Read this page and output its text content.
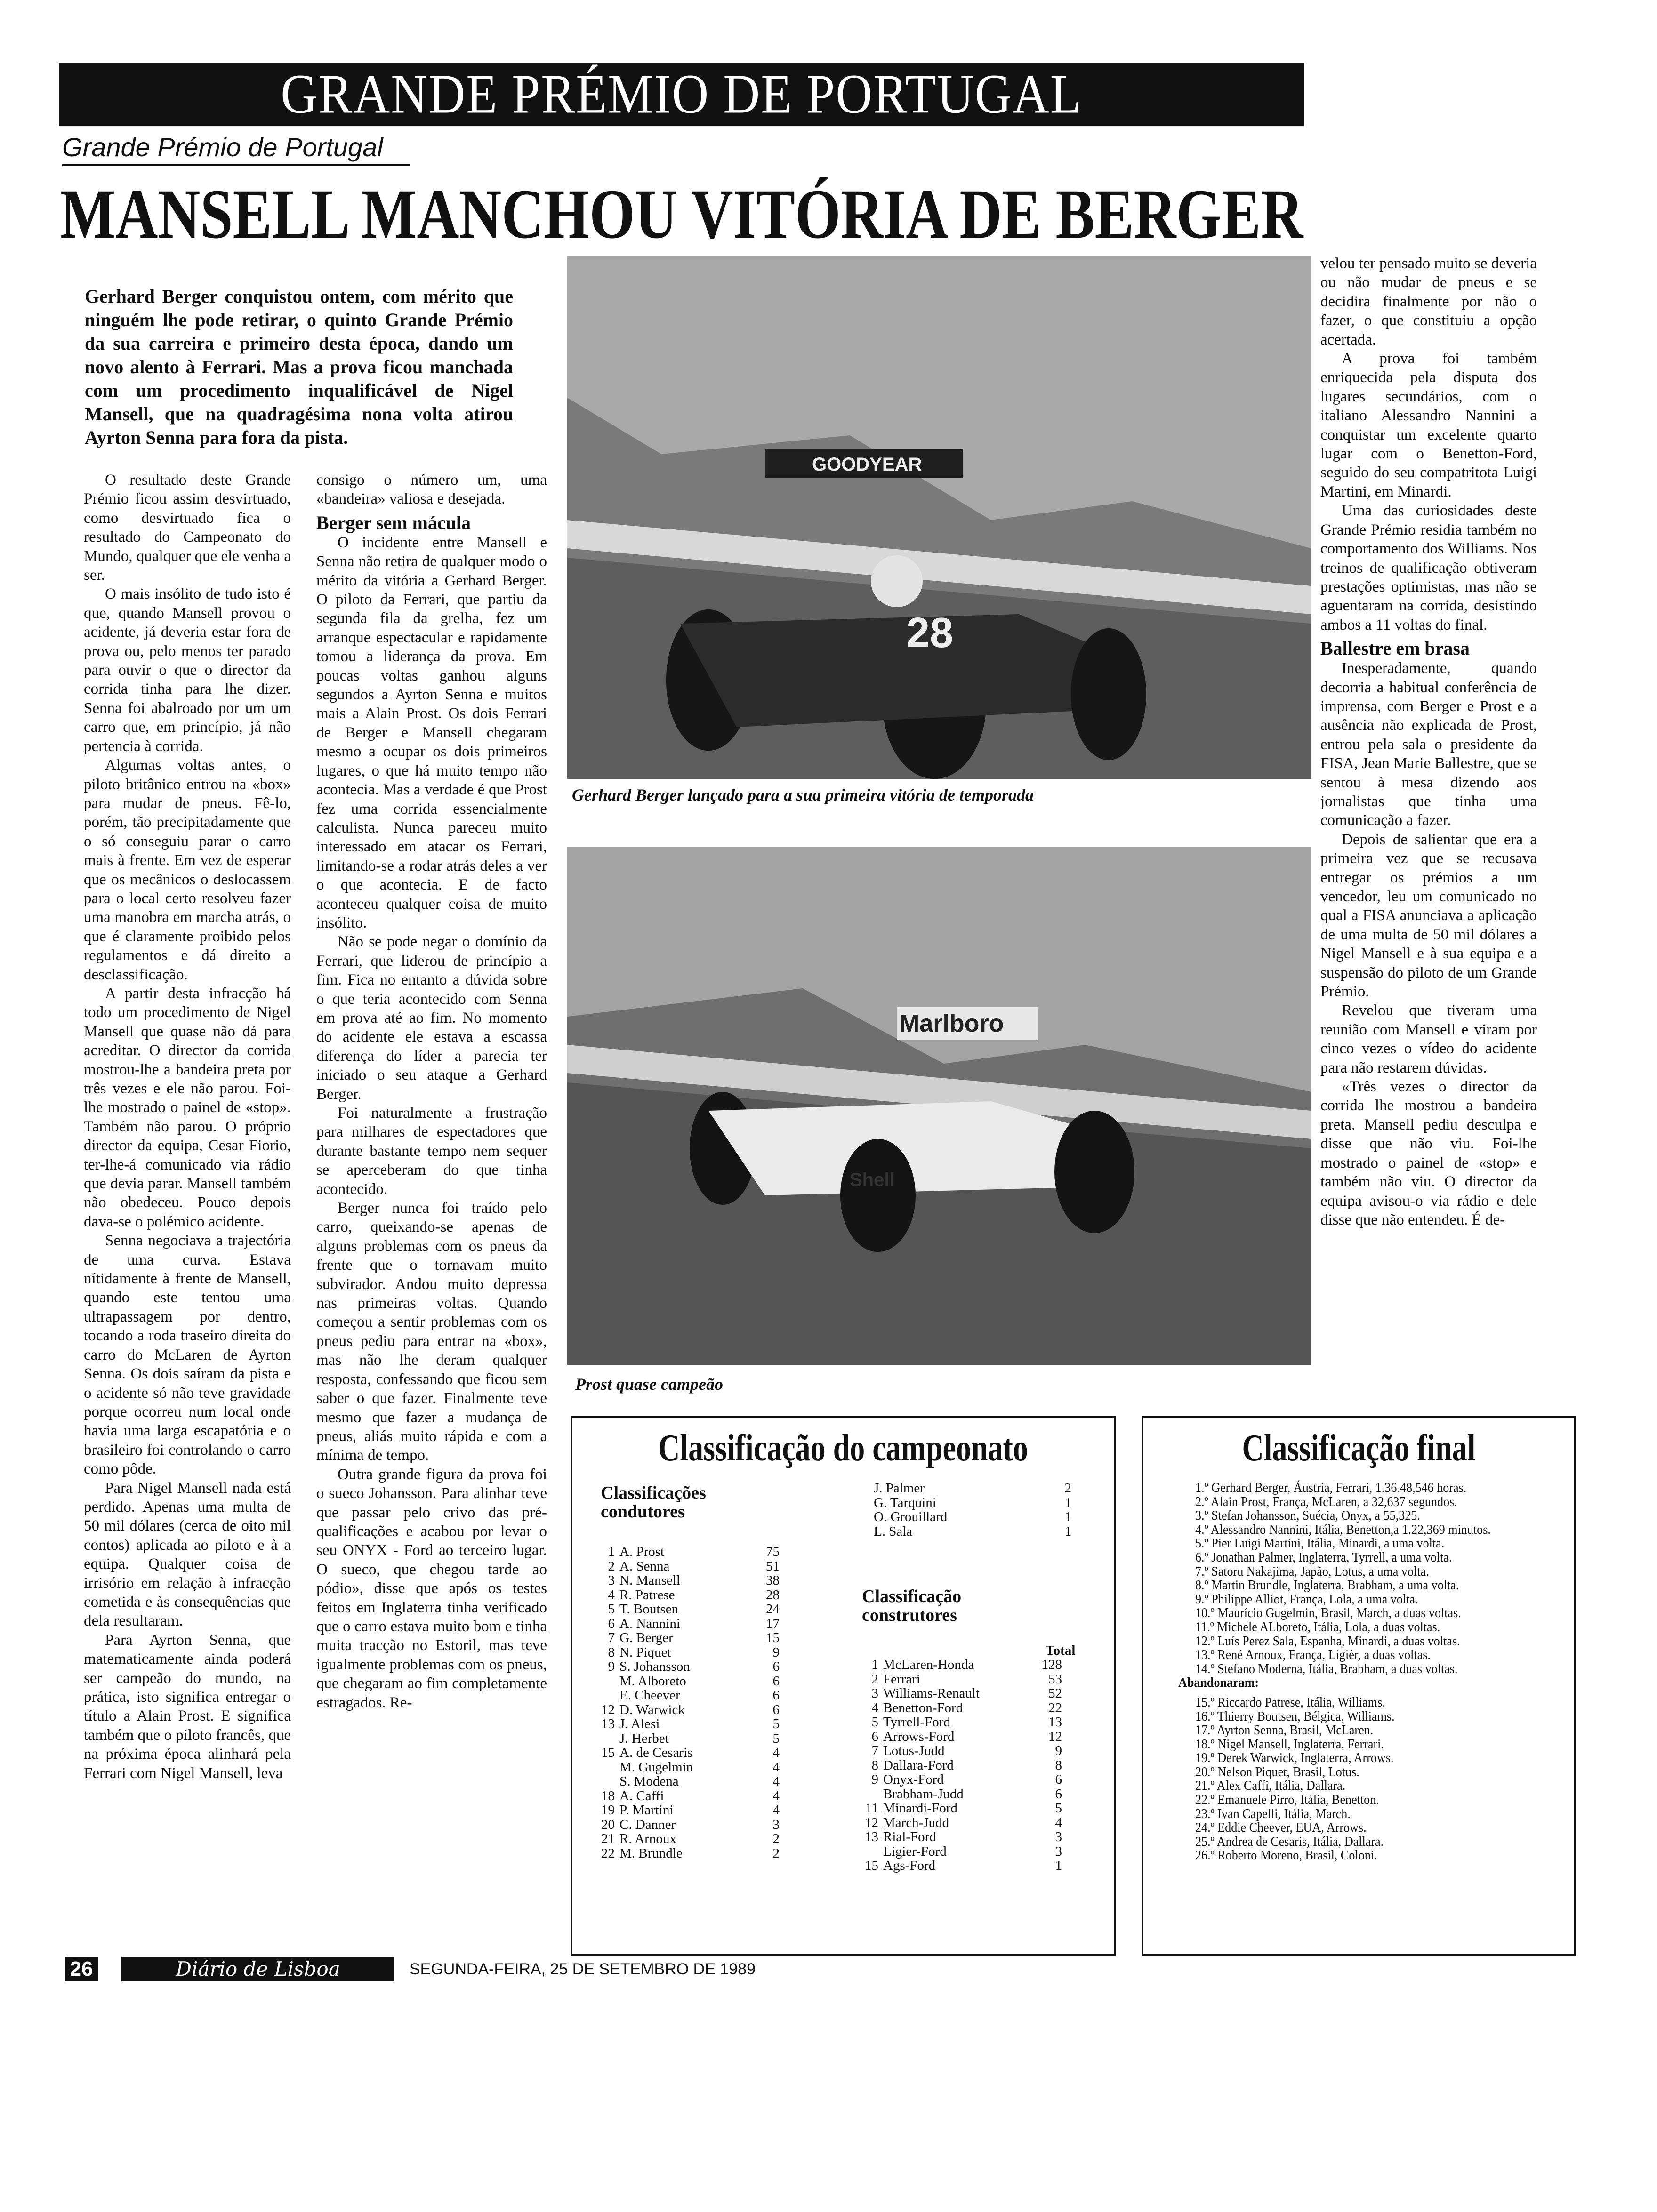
GRANDE PRÉMIO DE PORTUGAL
Grande Prémio de Portugal
MANSELL MANCHOU VITÓRIA DE BERGER
Gerhard Berger conquistou ontem, com mérito que ninguém lhe pode retirar, o quinto Grande Prémio da sua carreira e primeiro desta época, dando um novo alento à Ferrari. Mas a prova ficou manchada com um procedimento inqualificável de Nigel Mansell, que na quadragésima nona volta atirou Ayrton Senna para fora da pista.

O resultado deste Grande Prémio ficou assim desvirtuado, como desvirtuado fica o resultado do Campeonato do Mundo, qualquer que ele venha a ser.

O mais insólito de tudo isto é que, quando Mansell provou o acidente, já deveria estar fora de prova ou, pelo menos ter parado para ouvir o que o director da corrida tinha para lhe dizer. Senna foi abalroado por um um carro que, em princípio, já não pertencia à corrida.

Algumas voltas antes, o piloto britânico entrou na «box» para mudar de pneus. Fê-lo, porém, tão precipitadamente que o só conseguiu parar o carro mais à frente. Em vez de esperar que os mecânicos o deslocassem para o local certo resolveu fazer uma manobra em marcha atrás, o que é claramente proibido pelos regulamentos e dá direito a desclassificação.

A partir desta infracção há todo um procedimento de Nigel Mansell que quase não dá para acreditar. O director da corrida mostrou-lhe a bandeira preta por três vezes e ele não parou. Foi-lhe mostrado o painel de «stop». Também não parou. O próprio director da equipa, Cesar Fiorio, ter-lhe-á comunicado via rádio que devia parar. Mansell também não obedeceu. Pouco depois dava-se o polémico acidente.

Senna negociava a trajectória de uma curva. Estava nítidamente à frente de Mansell, quando este tentou uma ultrapassagem por dentro, tocando a roda traseiro direita do carro do McLaren de Ayrton Senna. Os dois saíram da pista e o acidente só não teve gravidade porque ocorreu num local onde havia uma larga escapatória e o brasileiro foi controlando o carro como pôde.

Para Nigel Mansell nada está perdido. Apenas uma multa de 50 mil dólares (cerca de oito mil contos) aplicada ao piloto e à a equipa. Qualquer coisa de irrisório em relação à infracção cometida e às consequências que dela resultaram.

Para Ayrton Senna, que matematicamente ainda poderá ser campeão do mundo, na prática, isto significa entregar o título a Alain Prost. E significa também que o piloto francês, que na próxima época alinhará pela Ferrari com Nigel Mansell, leva

consigo o número um, uma «bandeira» valiosa e desejada.

Berger sem mácula

O incidente entre Mansell e Senna não retira de qualquer modo o mérito da vitória a Gerhard Berger. O piloto da Ferrari, que partiu da segunda fila da grelha, fez um arranque espectacular e rapidamente tomou a liderança da prova. Em poucas voltas ganhou alguns segundos a Ayrton Senna e muitos mais a Alain Prost. Os dois Ferrari de Berger e Mansell chegaram mesmo a ocupar os dois primeiros lugares, o que há muito tempo não acontecia. Mas a verdade é que Prost fez uma corrida essencialmente calculista. Nunca pareceu muito interessado em atacar os Ferrari, limitando-se a rodar atrás deles a ver o que acontecia. E de facto aconteceu qualquer coisa de muito insólito.

Não se pode negar o domínio da Ferrari, que liderou de princípio a fim. Fica no entanto a dúvida sobre o que teria acontecido com Senna em prova até ao fim. No momento do acidente ele estava a escassa diferença do líder a parecia ter iniciado o seu ataque a Gerhard Berger.

Foi naturalmente a frustração para milhares de espectadores que durante bastante tempo nem sequer se aperceberam do que tinha acontecido.

Berger nunca foi traído pelo carro, queixando-se apenas de alguns problemas com os pneus da frente que o tornavam muito subvirador. Andou muito depressa nas primeiras voltas. Quando começou a sentir problemas com os pneus pediu para entrar na «box», mas não lhe deram qualquer resposta, confessando que ficou sem saber o que fazer. Finalmente teve mesmo que fazer a mudança de pneus, aliás muito rápida e com a mínima de tempo.

Outra grande figura da prova foi o sueco Johansson. Para alinhar teve que passar pelo crivo das pré-qualificações e acabou por levar o seu ONYX - Ford ao terceiro lugar. O sueco, que chegou tarde ao pódio», disse que após os testes feitos em Inglaterra tinha verificado que o carro estava muito bom e tinha muita tracção no Estoril, mas teve igualmente problemas com os pneus, que chegaram ao fim completamente estragados. Re-

GOODYEAR
28
Gerhard Berger lançado para a sua primeira vitória de temporada
Marlboro
Shell
Prost quase campeão

velou ter pensado muito se deveria ou não mudar de pneus e se decidira finalmente por não o fazer, o que constituiu a opção acertada.

A prova foi também enriquecida pela disputa dos lugares secundários, com o italiano Alessandro Nannini a conquistar um excelente quarto lugar com o Benetton-Ford, seguido do seu compatritota Luigi Martini, em Minardi.

Uma das curiosidades deste Grande Prémio residia também no comportamento dos Williams. Nos treinos de qualificação obtiveram prestações optimistas, mas não se aguentaram na corrida, desistindo ambos a 11 voltas do final.

Ballestre em brasa

Inesperadamente, quando decorria a habitual conferência de imprensa, com Berger e Prost e a ausência não explicada de Prost, entrou pela sala o presidente da FISA, Jean Marie Ballestre, que se sentou à mesa dizendo aos jornalistas que tinha uma comunicação a fazer.

Depois de salientar que era a primeira vez que se recusava entregar os prémios a um vencedor, leu um comunicado no qual a FISA anunciava a aplicação de uma multa de 50 mil dólares a Nigel Mansell e à sua equipa e a suspensão do piloto de um Grande Prémio.

Revelou que tiveram uma reunião com Mansell e viram por cinco vezes o vídeo do acidente para não restarem dúvidas.

«Três vezes o director da corrida lhe mostrou a bandeira preta. Mansell pediu desculpa e disse que não viu. Foi-lhe mostrado o painel de «stop» e também não viu. O director da equipa avisou-o via rádio e dele disse que não entendeu. É de-

Classificação do campeonato
Classificações condutores
1 A. Prost	75
2 A. Senna	51
3 N. Mansell	38
4 R. Patrese	28
5 T. Boutsen	24
6 A. Nannini	17
7 G. Berger	15
8 N. Piquet	9
9 S. Johansson	6
M. Alboreto	6
E. Cheever	6
12 D. Warwick	6
13 J. Alesi	5
J. Herbet	5
15 A. de Cesaris	4
M. Gugelmin	4
S. Modena	4
18 A. Caffi	4
19 P. Martini	4
20 C. Danner	3
21 R. Arnoux	2
22 M. Brundle	2
J. Palmer	2
G. Tarquini	1
O. Grouillard	1
L. Sala	1
Classificação construtores
Total
1 McLaren-Honda	128
2 Ferrari	53
3 Williams-Renault	52
4 Benetton-Ford	22
5 Tyrrell-Ford	13
6 Arrows-Ford	12
7 Lotus-Judd	9
8 Dallara-Ford	8
9 Onyx-Ford	6
Brabham-Judd	6
11 Minardi-Ford	5
12 March-Judd	4
13 Rial-Ford	3
Ligier-Ford	3
15 Ags-Ford	1
Classificação final
1.º Gerhard Berger, Áustria, Ferrari, 1.36.48,546 horas.
2.º Alain Prost, França, McLaren, a 32,637 segundos.
3.º Stefan Johansson, Suécia, Onyx, a 55,325.
4.º Alessandro Nannini, Itália, Benetton,a 1.22,369 minutos.
5.º Pier Luigi Martini, Itália, Minardi, a uma volta.
6.º Jonathan Palmer, Inglaterra, Tyrrell, a uma volta.
7.º Satoru Nakajima, Japão, Lotus, a uma volta.
8.º Martin Brundle, Inglaterra, Brabham, a uma volta.
9.º Philippe Alliot, França, Lola, a uma volta.
10.º Maurício Gugelmin, Brasil, March, a duas voltas.
11.º Michele ALboreto, Itália, Lola, a duas voltas.
12.º Luís Perez Sala, Espanha, Minardi, a duas voltas.
13.º René Arnoux, França, Ligièr, a duas voltas.
14.º Stefano Moderna, Itália, Brabham, a duas voltas.
Abandonaram:
15.º Riccardo Patrese, Itália, Williams.
16.º Thierry Boutsen, Bélgica, Williams.
17.º Ayrton Senna, Brasil, McLaren.
18.º Nigel Mansell, Inglaterra, Ferrari.
19.º Derek Warwick, Inglaterra, Arrows.
20.º Nelson Piquet, Brasil, Lotus.
21.º Alex Caffi, Itália, Dallara.
22.º Emanuele Pirro, Itália, Benetton.
23.º Ivan Capelli, Itália, March.
24.º Eddie Cheever, EUA, Arrows.
25.º Andrea de Cesaris, Itália, Dallara.
26.º Roberto Moreno, Brasil, Coloni.
26	Diário de Lisboa	SEGUNDA-FEIRA, 25 DE SETEMBRO DE 1989
